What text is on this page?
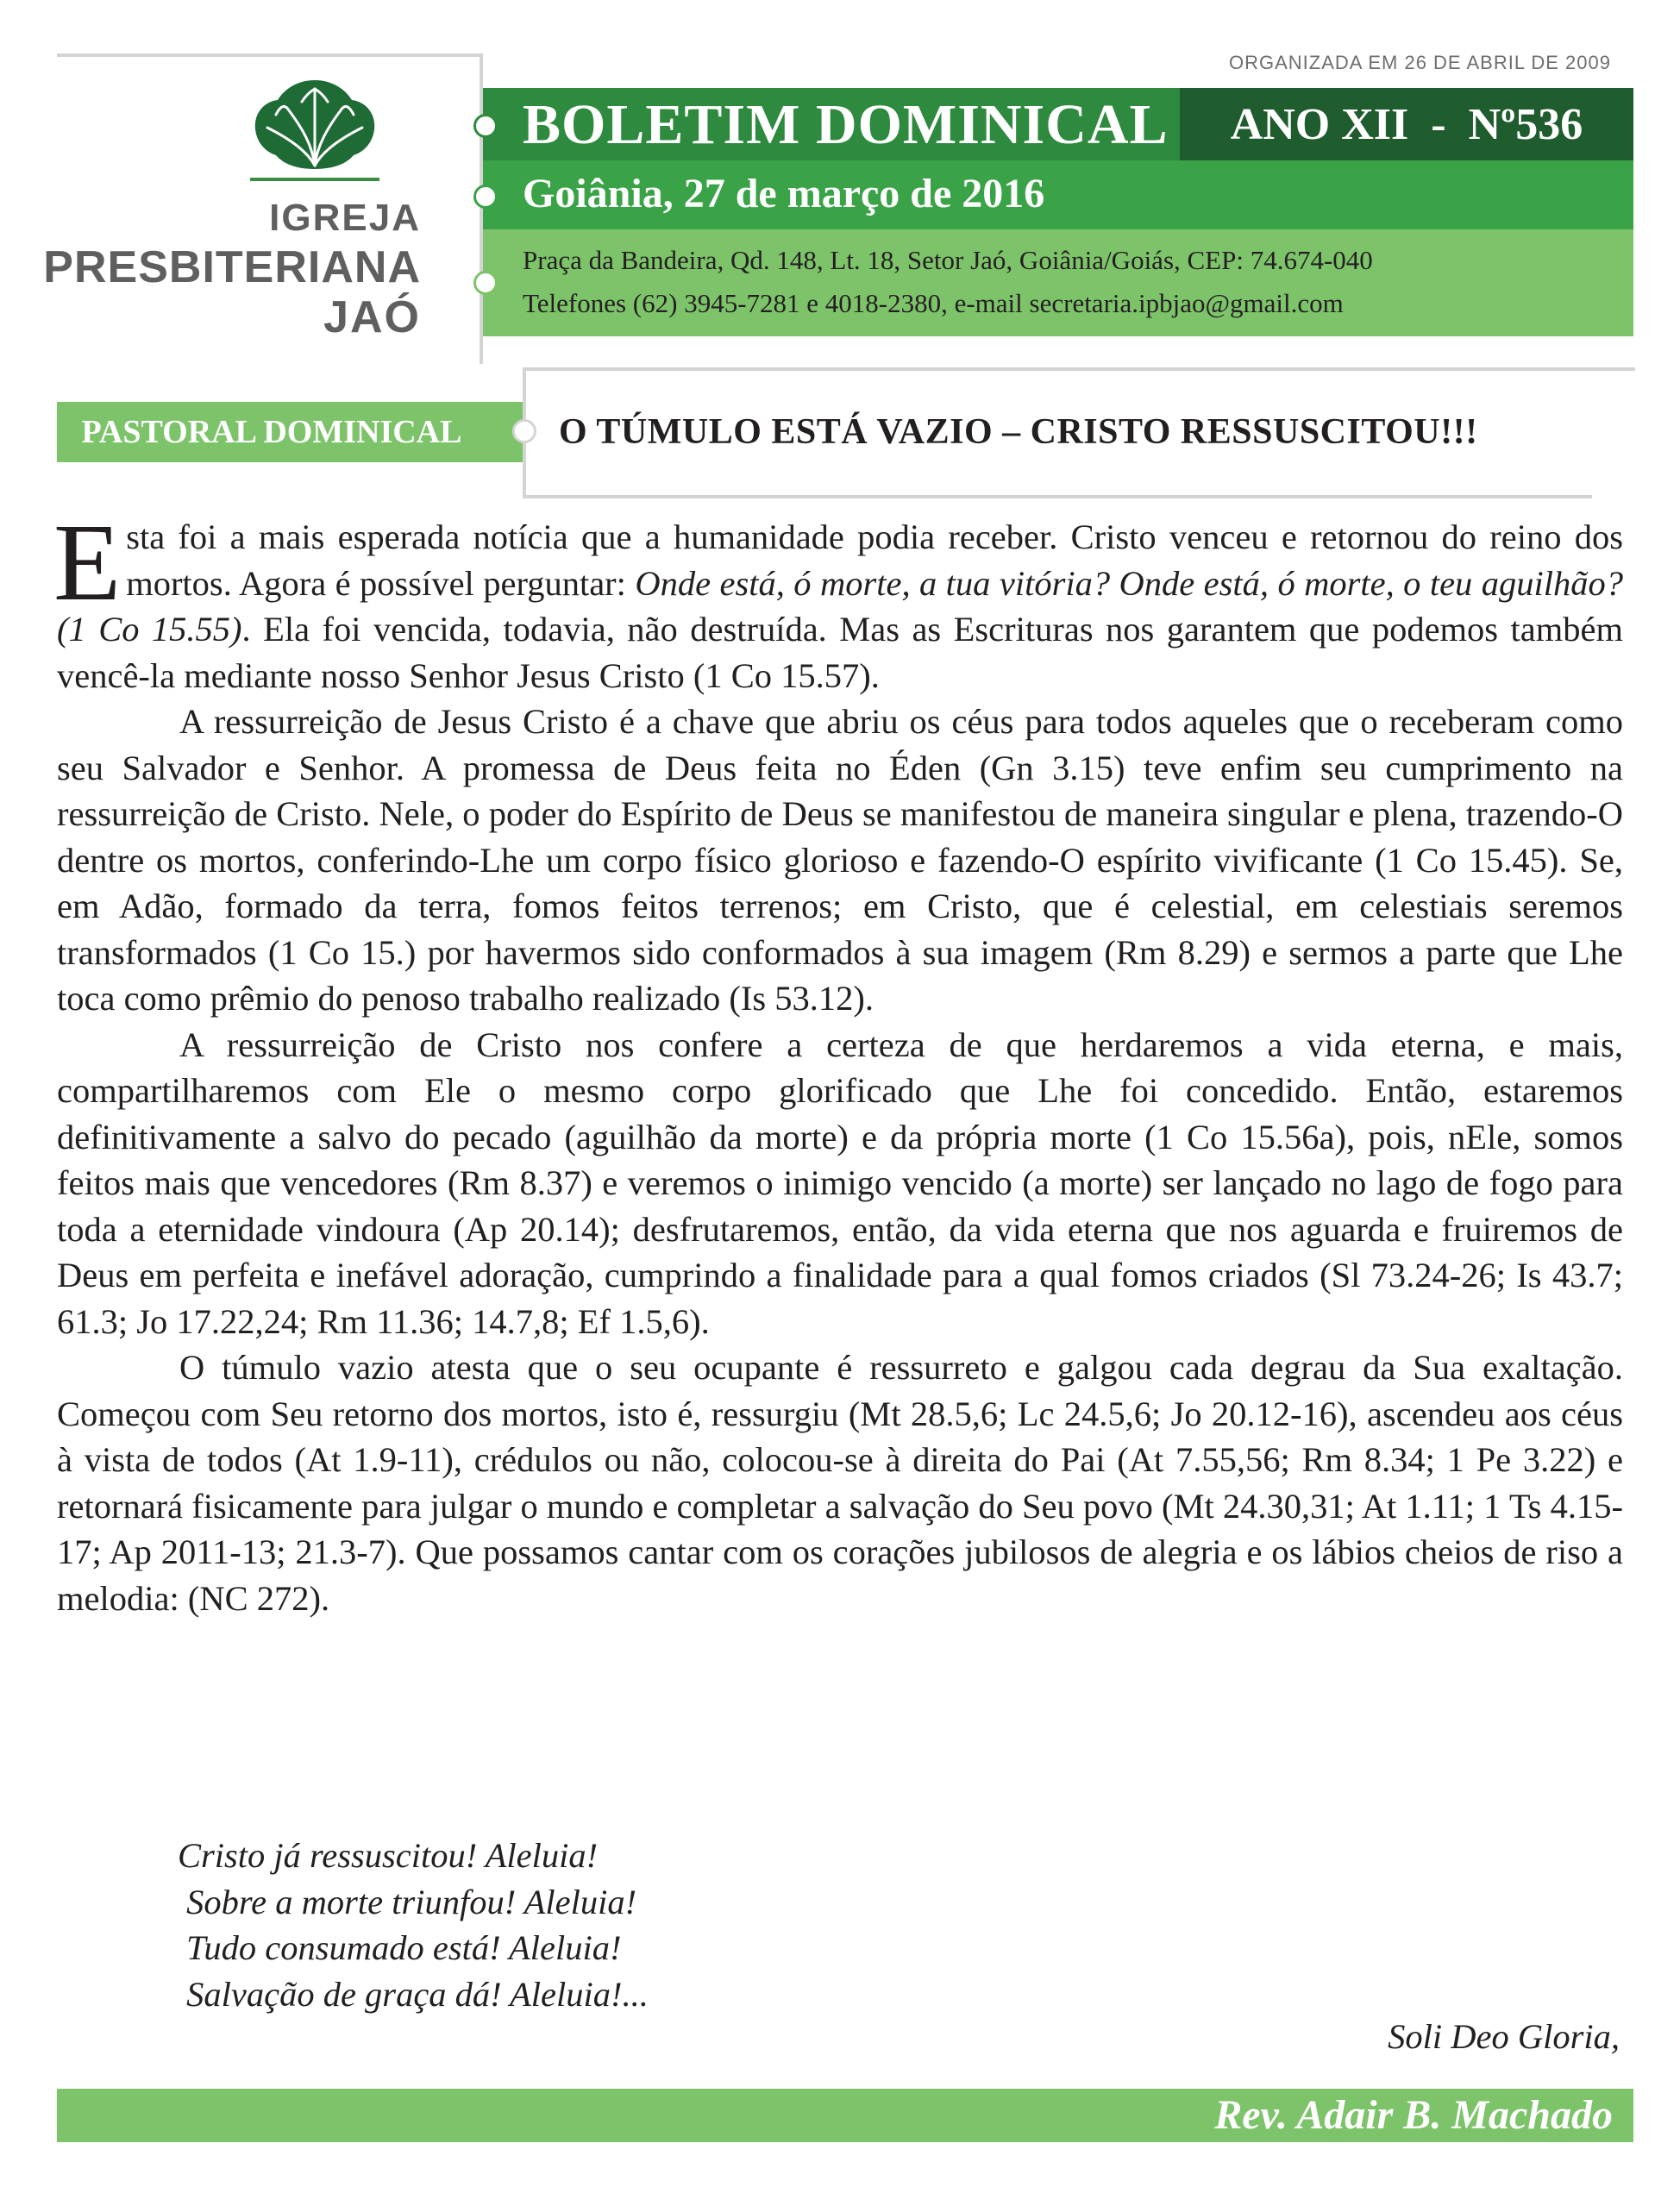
IGREJA
PRESBITERIANA
JAÓ
ORGANIZADA EM 26 DE ABRIL DE 2009
BOLETIM DOMINICAL	ANO XII  -  Nº536
Goiânia, 27 de março de 2016
Praça da Bandeira, Qd. 148, Lt. 18, Setor Jaó, Goiânia/Goiás, CEP: 74.674-040
Telefones (62) 3945-7281 e 4018-2380, e-mail secretaria.ipbjao@gmail.com
PASTORAL DOMINICAL	O TÚMULO ESTÁ VAZIO – CRISTO RESSUSCITOU!!!

Esta foi a mais esperada notícia que a humanidade podia receber. Cristo venceu e retornou do reino dos mortos. Agora é possível perguntar: Onde está, ó morte, a tua vitória? Onde está, ó morte, o teu aguilhão? (1 Co 15.55). Ela foi vencida, todavia, não destruída. Mas as Escrituras nos garantem que podemos também vencê-la mediante nosso Senhor Jesus Cristo (1 Co 15.57).

A ressurreição de Jesus Cristo é a chave que abriu os céus para todos aqueles que o receberam como seu Salvador e Senhor. A promessa de Deus feita no Éden (Gn 3.15) teve enfim seu cumprimento na ressurreição de Cristo. Nele, o poder do Espírito de Deus se manifestou de maneira singular e plena, trazendo-O dentre os mortos, conferindo-Lhe um corpo físico glorioso e fazendo-O espírito vivificante (1 Co 15.45). Se, em Adão, formado da terra, fomos feitos terrenos; em Cristo, que é celestial, em celestiais seremos transformados (1 Co 15.) por havermos sido conformados à sua imagem (Rm 8.29) e sermos a parte que Lhe toca como prêmio do penoso trabalho realizado (Is 53.12).

A ressurreição de Cristo nos confere a certeza de que herdaremos a vida eterna, e mais, compartilharemos com Ele o mesmo corpo glorificado que Lhe foi concedido. Então, estaremos definitivamente a salvo do pecado (aguilhão da morte) e da própria morte (1 Co 15.56a), pois, nEle, somos feitos mais que vencedores (Rm 8.37) e veremos o inimigo vencido (a morte) ser lançado no lago de fogo para toda a eternidade vindoura (Ap 20.14); desfrutaremos, então, da vida eterna que nos aguarda e fruiremos de Deus em perfeita e inefável adoração, cumprindo a finalidade para a qual fomos criados (Sl 73.24-26; Is 43.7; 61.3; Jo 17.22,24; Rm 11.36; 14.7,8; Ef 1.5,6).

O túmulo vazio atesta que o seu ocupante é ressurreto e galgou cada degrau da Sua exaltação. Começou com Seu retorno dos mortos, isto é, ressurgiu (Mt 28.5,6; Lc 24.5,6; Jo 20.12-16), ascendeu aos céus à vista de todos (At 1.9-11), crédulos ou não, colocou-se à direita do Pai (At 7.55,56; Rm 8.34; 1 Pe 3.22) e retornará fisicamente para julgar o mundo e completar a salvação do Seu povo (Mt 24.30,31; At 1.11; 1 Ts 4.15-17; Ap 2011-13; 21.3-7). Que possamos cantar com os corações jubilosos de alegria e os lábios cheios de riso a melodia: (NC 272).

Cristo já ressuscitou! Aleluia!
Sobre a morte triunfou! Aleluia!
Tudo consumado está! Aleluia!
Salvação de graça dá! Aleluia!...
Soli Deo Gloria,
Rev. Adair B. Machado
